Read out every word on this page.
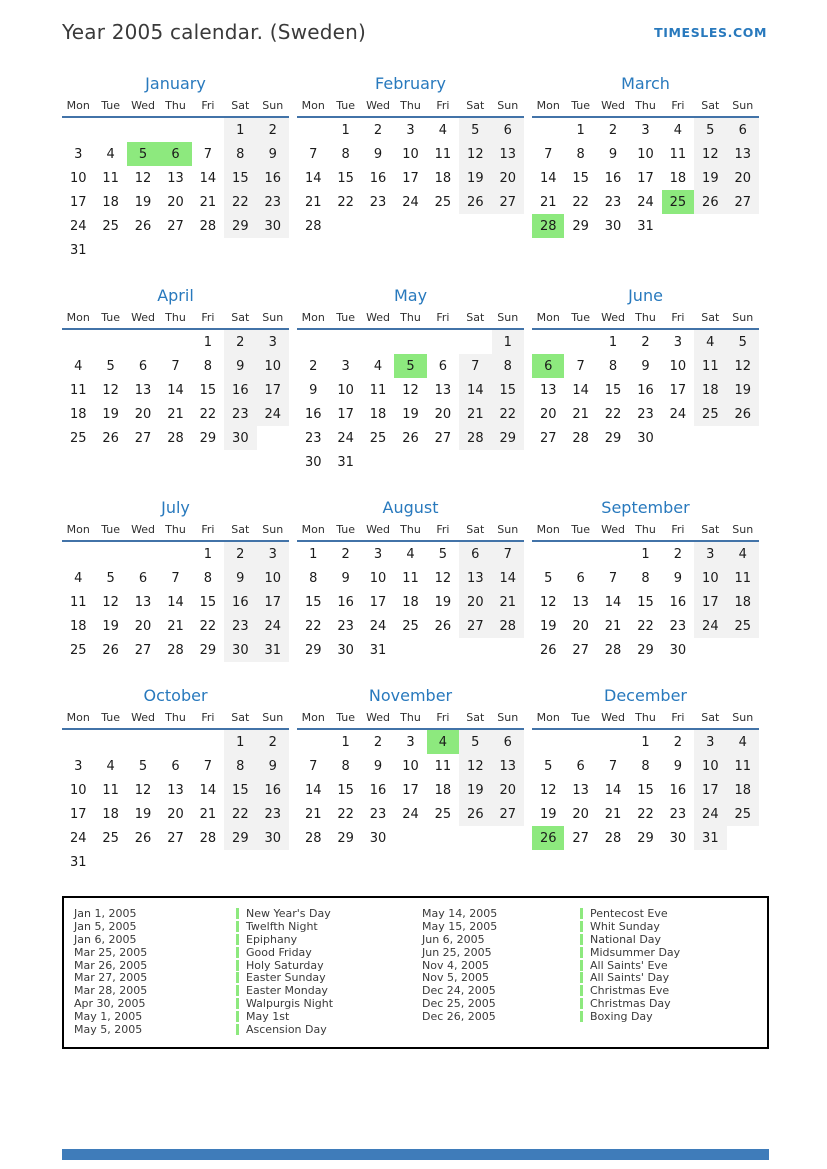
Year 2005 calendar. (Sweden)	TIMESLES.COM
January
Mon	Tue	Wed	Thu	Fri	Sat	Sun
					1	2
3	4	5	6	7	8	9
10	11	12	13	14	15	16
17	18	19	20	21	22	23
24	25	26	27	28	29	30
31						
February
Mon	Tue	Wed	Thu	Fri	Sat	Sun
	1	2	3	4	5	6
7	8	9	10	11	12	13
14	15	16	17	18	19	20
21	22	23	24	25	26	27
28						
March
Mon	Tue	Wed	Thu	Fri	Sat	Sun
	1	2	3	4	5	6
7	8	9	10	11	12	13
14	15	16	17	18	19	20
21	22	23	24	25	26	27
28	29	30	31			
April
Mon	Tue	Wed	Thu	Fri	Sat	Sun
				1	2	3
4	5	6	7	8	9	10
11	12	13	14	15	16	17
18	19	20	21	22	23	24
25	26	27	28	29	30	
May
Mon	Tue	Wed	Thu	Fri	Sat	Sun
						1
2	3	4	5	6	7	8
9	10	11	12	13	14	15
16	17	18	19	20	21	22
23	24	25	26	27	28	29
30	31					
June
Mon	Tue	Wed	Thu	Fri	Sat	Sun
		1	2	3	4	5
6	7	8	9	10	11	12
13	14	15	16	17	18	19
20	21	22	23	24	25	26
27	28	29	30			
July
Mon	Tue	Wed	Thu	Fri	Sat	Sun
				1	2	3
4	5	6	7	8	9	10
11	12	13	14	15	16	17
18	19	20	21	22	23	24
25	26	27	28	29	30	31
August
Mon	Tue	Wed	Thu	Fri	Sat	Sun
1	2	3	4	5	6	7
8	9	10	11	12	13	14
15	16	17	18	19	20	21
22	23	24	25	26	27	28
29	30	31				
September
Mon	Tue	Wed	Thu	Fri	Sat	Sun
			1	2	3	4
5	6	7	8	9	10	11
12	13	14	15	16	17	18
19	20	21	22	23	24	25
26	27	28	29	30		
October
Mon	Tue	Wed	Thu	Fri	Sat	Sun
					1	2
3	4	5	6	7	8	9
10	11	12	13	14	15	16
17	18	19	20	21	22	23
24	25	26	27	28	29	30
31						
November
Mon	Tue	Wed	Thu	Fri	Sat	Sun
	1	2	3	4	5	6
7	8	9	10	11	12	13
14	15	16	17	18	19	20
21	22	23	24	25	26	27
28	29	30				
December
Mon	Tue	Wed	Thu	Fri	Sat	Sun
			1	2	3	4
5	6	7	8	9	10	11
12	13	14	15	16	17	18
19	20	21	22	23	24	25
26	27	28	29	30	31	
Jan 1, 2005	New Year's Day
Jan 5, 2005	Twelfth Night
Jan 6, 2005	Epiphany
Mar 25, 2005	Good Friday
Mar 26, 2005	Holy Saturday
Mar 27, 2005	Easter Sunday
Mar 28, 2005	Easter Monday
Apr 30, 2005	Walpurgis Night
May 1, 2005	May 1st
May 5, 2005	Ascension Day
May 14, 2005	Pentecost Eve
May 15, 2005	Whit Sunday
Jun 6, 2005	National Day
Jun 25, 2005	Midsummer Day
Nov 4, 2005	All Saints' Eve
Nov 5, 2005	All Saints' Day
Dec 24, 2005	Christmas Eve
Dec 25, 2005	Christmas Day
Dec 26, 2005	Boxing Day
